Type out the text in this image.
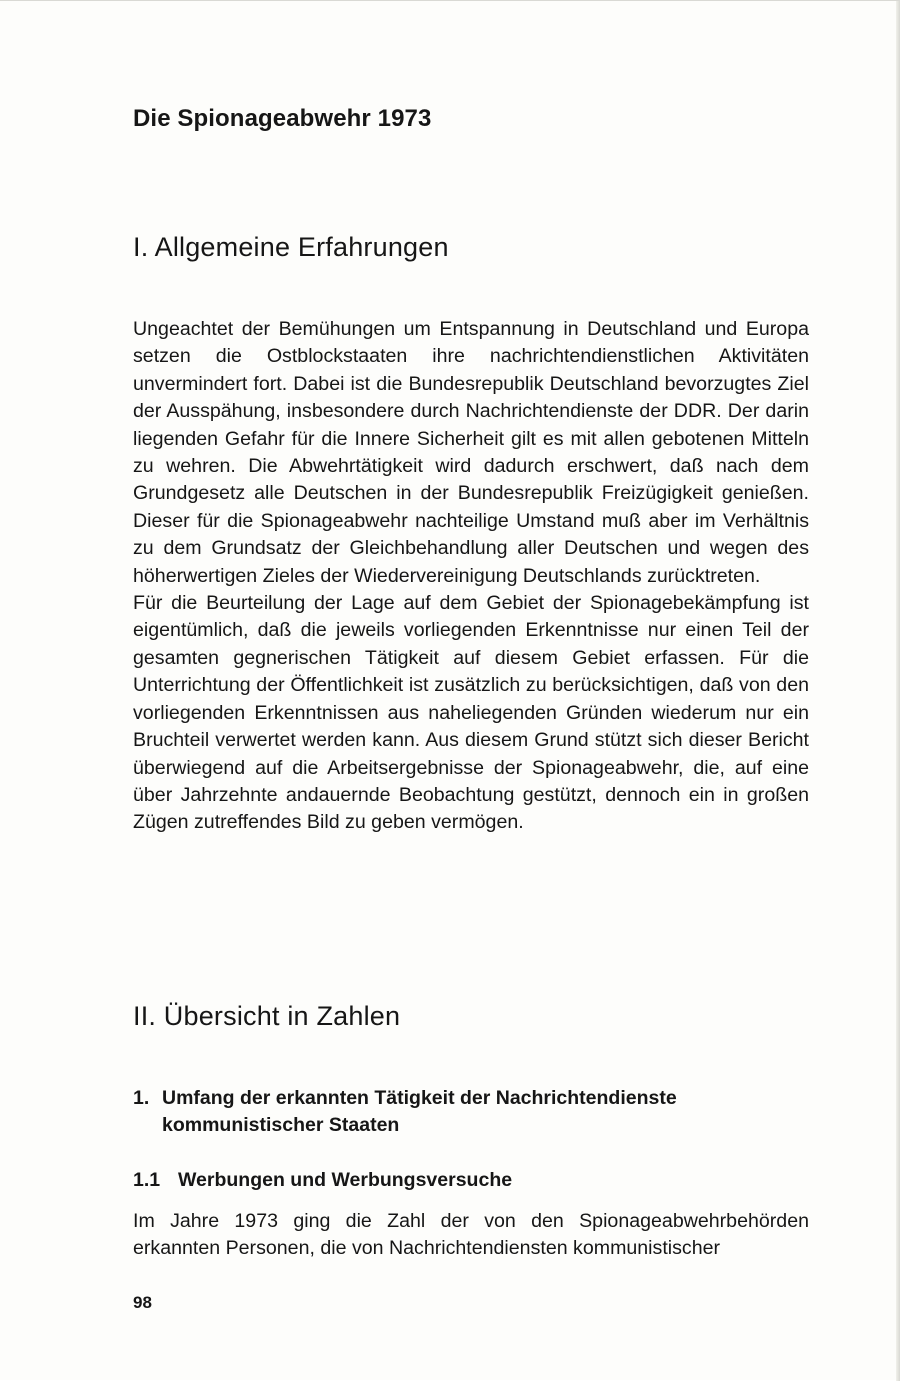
Die Spionageabwehr 1973
I. Allgemeine Erfahrungen

Ungeachtet der Bemühungen um Entspannung in Deutschland und Europa setzen die Ostblockstaaten ihre nachrichtendienstlichen Aktivitäten unvermindert fort. Dabei ist die Bundesrepublik Deutschland bevorzugtes Ziel der Ausspähung, insbesondere durch Nachrichtendienste der DDR. Der darin liegenden Gefahr für die Innere Sicherheit gilt es mit allen gebotenen Mitteln zu wehren. Die Abwehrtätigkeit wird dadurch erschwert, daß nach dem Grundgesetz alle Deutschen in der Bundesrepublik Freizügigkeit genießen. Dieser für die Spionageabwehr nachteilige Umstand muß aber im Verhältnis zu dem Grundsatz der Gleichbehandlung aller Deutschen und wegen des höherwertigen Zieles der Wiedervereinigung Deutschlands zurücktreten.
Für die Beurteilung der Lage auf dem Gebiet der Spionagebekämpfung ist eigentümlich, daß die jeweils vorliegenden Erkenntnisse nur einen Teil der gesamten gegnerischen Tätigkeit auf diesem Gebiet erfassen. Für die Unterrichtung der Öffentlichkeit ist zusätzlich zu berücksichtigen, daß von den vorliegenden Erkenntnissen aus naheliegenden Gründen wiederum nur ein Bruchteil verwertet werden kann. Aus diesem Grund stützt sich dieser Bericht überwiegend auf die Arbeitsergebnisse der Spionageabwehr, die, auf eine über Jahrzehnte andauernde Beobachtung gestützt, dennoch ein in großen Zügen zutreffendes Bild zu geben vermögen.

II. Übersicht in Zahlen
1. Umfang der erkannten Tätigkeit der Nachrichtendienste kommunistischer Staaten
1.1 Werbungen und Werbungsversuche

Im Jahre 1973 ging die Zahl der von den Spionageabwehrbehörden erkannten Personen, die von Nachrichtendiensten kommunistischer

98
